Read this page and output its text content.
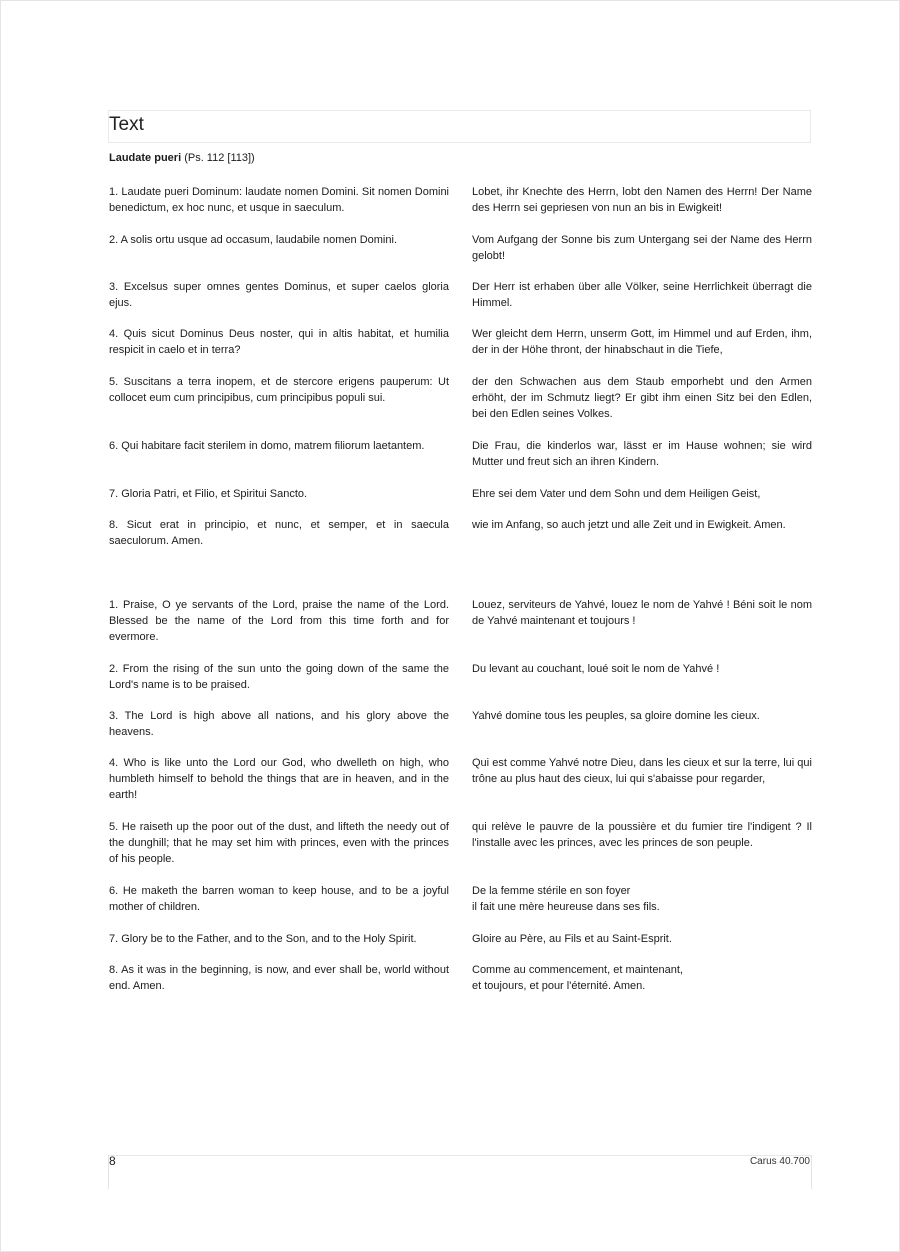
Text
Laudate pueri (Ps. 112 [113])
1. Laudate pueri Dominum: laudate nomen Domini. Sit nomen Domini benedictum, ex hoc nunc, et usque in saeculum.
Lobet, ihr Knechte des Herrn, lobt den Namen des Herrn! Der Name des Herrn sei gepriesen von nun an bis in Ewigkeit!
2. A solis ortu usque ad occasum, laudabile nomen Domini.	Vom Aufgang der Sonne bis zum Untergang sei der Name des Herrn gelobt!
3. Excelsus super omnes gentes Dominus, et super caelos gloria ejus.
Der Herr ist erhaben über alle Völker, seine Herrlichkeit überragt die Himmel.
4. Quis sicut Dominus Deus noster, qui in altis habitat, et humilia respicit in caelo et in terra?
Wer gleicht dem Herrn, unserm Gott, im Himmel und auf Erden, ihm, der in der Höhe thront, der hinabschaut in die Tiefe,
5. Suscitans a terra inopem, et de stercore erigens pauperum: Ut collocet eum cum principibus, cum principibus populi sui.
der den Schwachen aus dem Staub emporhebt und den Armen erhöht, der im Schmutz liegt? Er gibt ihm einen Sitz bei den Edlen, bei den Edlen seines Volkes.
6. Qui habitare facit sterilem in domo, matrem filiorum laetantem.	Die Frau, die kinderlos war, lässt er im Hause wohnen; sie wird Mutter und freut sich an ihren Kindern.
7. Gloria Patri, et Filio, et Spiritui Sancto.	Ehre sei dem Vater und dem Sohn und dem Heiligen Geist,
8. Sicut erat in principio, et nunc, et semper, et in saecula saeculorum. Amen.
wie im Anfang, so auch jetzt und alle Zeit und in Ewigkeit. Amen.
1. Praise, O ye servants of the Lord, praise the name of the Lord. Blessed be the name of the Lord from this time forth and for evermore.
Louez, serviteurs de Yahvé, louez le nom de Yahvé ! Béni soit le nom de Yahvé maintenant et toujours !
2. From the rising of the sun unto the going down of the same the Lord's name is to be praised.
Du levant au couchant, loué soit le nom de Yahvé !
3. The Lord is high above all nations, and his glory above the heavens.
Yahvé domine tous les peuples, sa gloire domine les cieux.
4. Who is like unto the Lord our God, who dwelleth on high, who humbleth himself to behold the things that are in heaven, and in the earth!
Qui est comme Yahvé notre Dieu, dans les cieux et sur la terre, lui qui trône au plus haut des cieux, lui qui s'abaisse pour regarder,
5. He raiseth up the poor out of the dust, and lifteth the needy out of the dunghill; that he may set him with princes, even with the princes of his people.
qui relève le pauvre de la poussière et du fumier tire l'indigent ? Il l'installe avec les princes, avec les princes de son peuple.
6. He maketh the barren woman to keep house, and to be a joyful mother of children.
De la femme stérile en son foyer
il fait une mère heureuse dans ses fils.
7. Glory be to the Father, and to the Son, and to the Holy Spirit.	Gloire au Père, au Fils et au Saint-Esprit.
8. As it was in the beginning, is now, and ever shall be, world without end. Amen.
Comme au commencement, et maintenant,
et toujours, et pour l'éternité. Amen.
8	Carus 40.700
